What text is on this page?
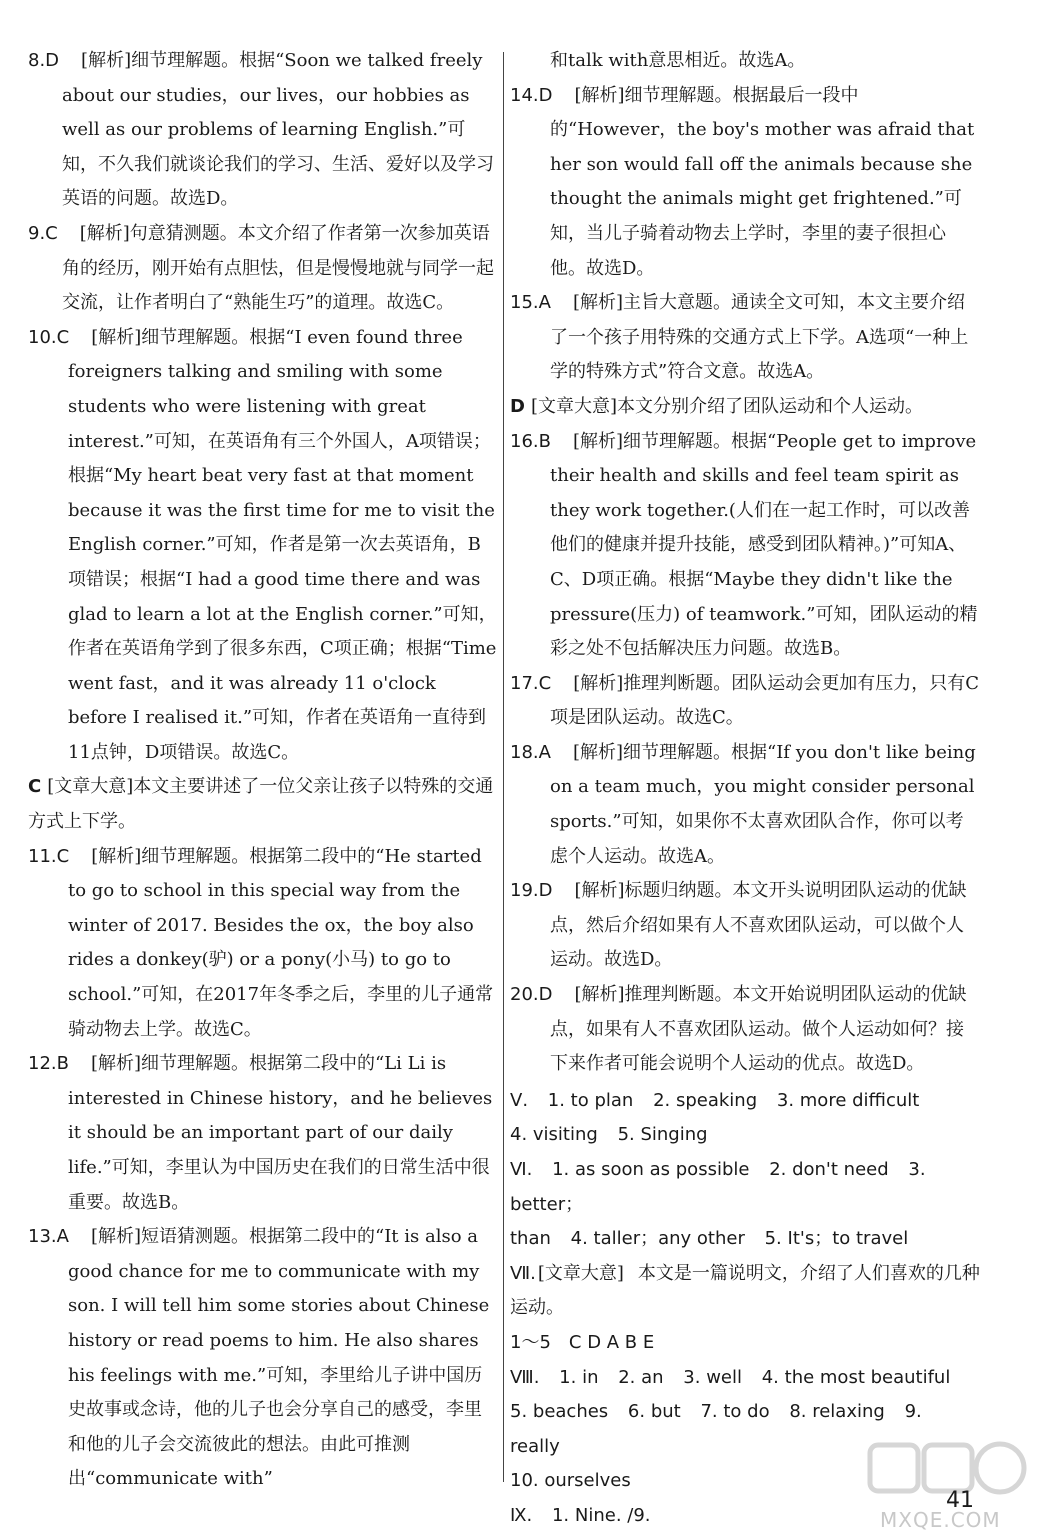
8.D  [解析]细节理解题。根据“Soon we talked freely about our studies，our lives，our hobbies as well as our problems of learning English.”可知，不久我们就谈论我们的学习、生活、爱好以及学习英语的问题。故选D。

9.C  [解析]句意猜测题。本文介绍了作者第一次参加英语角的经历，刚开始有点胆怯，但是慢慢地就与同学一起交流，让作者明白了“熟能生巧”的道理。故选C。

10.C  [解析]细节理解题。根据“I even found three foreigners talking and smiling with some students who were listening with great interest.”可知，在英语角有三个外国人，A项错误；根据“My heart beat very fast at that moment because it was the first time for me to visit the English corner.”可知，作者是第一次去英语角，B项错误；根据“I had a good time there and was glad to learn a lot at the English corner.”可知，作者在英语角学到了很多东西，C项正确；根据“Time went fast，and it was already 11 o'clock before I realised it.”可知，作者在英语角一直待到11点钟，D项错误。故选C。

C [文章大意]本文主要讲述了一位父亲让孩子以特殊的交通方式上下学。

11.C  [解析]细节理解题。根据第二段中的“He started to go to school in this special way from the winter of 2017. Besides the ox，the boy also rides a donkey(驴) or a pony(小马) to go to school.”可知，在2017年冬季之后，李里的儿子通常骑动物去上学。故选C。

12.B  [解析]细节理解题。根据第二段中的“Li Li is interested in Chinese history，and he believes it should be an important part of our daily life.”可知，李里认为中国历史在我们的日常生活中很重要。故选B。

13.A  [解析]短语猜测题。根据第二段中的“It is also a good chance for me to communicate with my son. I will tell him some stories about Chinese history or read poems to him. He also shares his feelings with me.”可知，李里给儿子讲中国历史故事或念诗，他的儿子也会分享自己的感受，李里和他的儿子会交流彼此的想法。由此可推测出“communicate with”

和talk with意思相近。故选A。

14.D  [解析]细节理解题。根据最后一段中的“However，the boy's mother was afraid that her son would fall off the animals because she thought the animals might get frightened.”可知，当儿子骑着动物去上学时，李里的妻子很担心他。故选D。

15.A  [解析]主旨大意题。通读全文可知，本文主要介绍了一个孩子用特殊的交通方式上下学。A选项“一种上学的特殊方式”符合文意。故选A。

D [文章大意]本文分别介绍了团队运动和个人运动。

16.B  [解析]细节理解题。根据“People get to improve their health and skills and feel team spirit as they work together.(人们在一起工作时，可以改善他们的健康并提升技能，感受到团队精神。)”可知A、C、D项正确。根据“Maybe they didn't like the pressure(压力) of teamwork.”可知，团队运动的精彩之处不包括解决压力问题。故选B。

17.C  [解析]推理判断题。团队运动会更加有压力，只有C项是团队运动。故选C。

18.A  [解析]细节理解题。根据“If you don't like being on a team much，you might consider personal sports.”可知，如果你不太喜欢团队合作，你可以考虑个人运动。故选A。

19.D  [解析]标题归纳题。本文开头说明团队运动的优缺点，然后介绍如果有人不喜欢团队运动，可以做个人运动。故选D。

20.D  [解析]推理判断题。本文开始说明团队运动的优缺点，如果有人不喜欢团队运动。做个人运动如何？接下来作者可能会说明个人运动的优点。故选D。

Ⅴ. 1. to plan 2. speaking 3. more difficult

4. visiting 5. Singing

Ⅵ. 1. as soon as possible 2. don't need 3. better；

than 4. taller；any other 5. It's；to travel

Ⅶ. [文章大意] 本文是一篇说明文，介绍了人们喜欢的几种运动。

1～5　C D A B E

Ⅷ. 1. in 2. an 3. well 4. the most beautiful

5. beaches 6. but 7. to do 8. relaxing 9. really

10. ourselves

Ⅸ. 1. Nine. /9.	MXQE.COM
41
